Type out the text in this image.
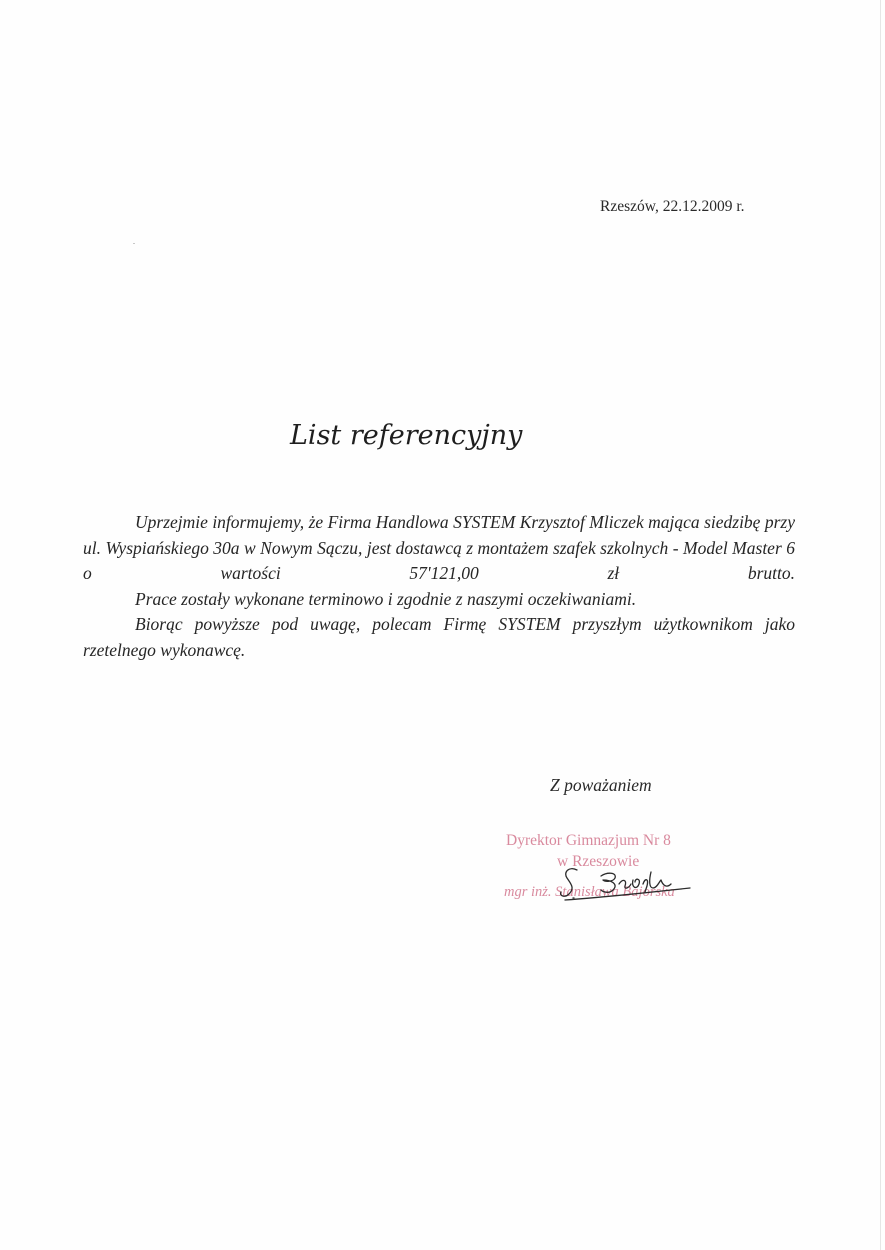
Rzeszów, 22.12.2009 r.
List referencyjny

Uprzejmie informujemy, że Firma Handlowa SYSTEM Krzysztof Mliczek mająca siedzibę przy ul. Wyspiańskiego 30a w Nowym Sączu, jest dostawcą z montażem szafek szkolnych - Model Master 6 o wartości 57'121,00 zł brutto.

Prace zostały wykonane terminowo i zgodnie z naszymi oczekiwaniami.

Biorąc powyższe pod uwagę, polecam Firmę SYSTEM przyszłym użytkownikom jako rzetelnego wykonawcę.

Z poważaniem
Dyrektor Gimnazjum Nr 8
w Rzeszowie
mgr inż. Stanisława Bajorska
